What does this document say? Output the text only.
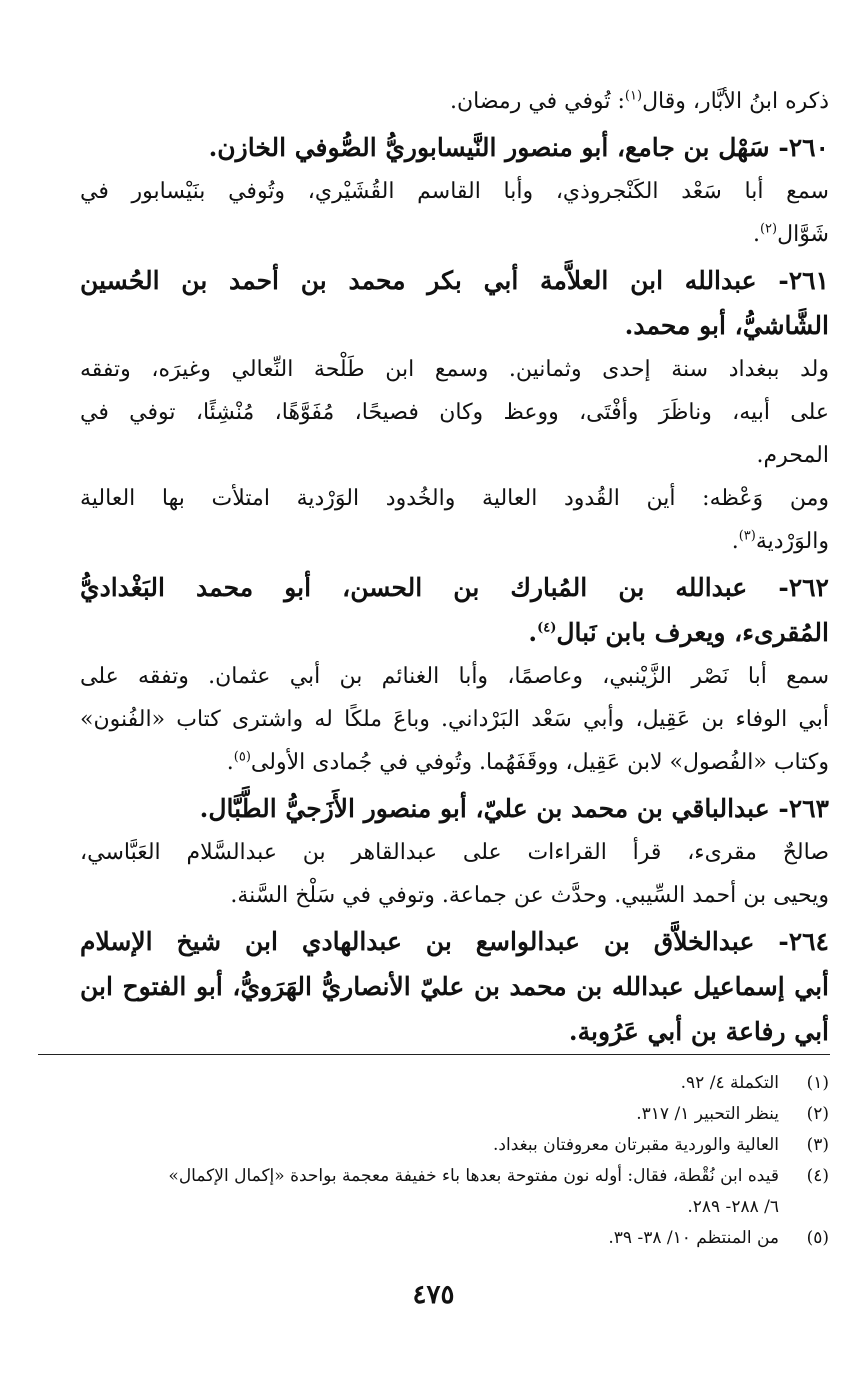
ذكره ابنُ الأبَّار، وقال$^{(١)}$: تُوفي في رمضان.
٢٦٠- سَهْل بن جامع، أبو منصور النَّيسابوريُّ الصُّوفي الخازن.
سمع أبا سَعْد الكَنْجروذي، وأبا القاسم القُشَيْري، وتُوفي بنَيْسابور في
شَوَّال$^{(٢)}$.
٢٦١- عبدالله ابن العلاَّمة أبي بكر محمد بن أحمد بن الحُسين
الشَّاشيُّ، أبو محمد.
ولد ببغداد سنة إحدى وثمانين. وسمع ابن طَلْحة النِّعالي وغيرَه، وتفقه
على أبيه، وناظَرَ وأفْتَى، ووعظ وكان فصيحًا، مُفَوَّهًا، مُنْشِئًا، توفي في
المحرم.
ومن وَعْظه: أين القُدود العالية والخُدود الوَرْدية امتلأت بها العالية
والوَرْدية$^{(٣)}$.
٢٦٢- عبدالله بن المُبارك بن الحسن، أبو محمد البَغْداديُّ
المُقرىء، ويعرف بابن نَبال$^{(٤)}$.
سمع أبا نَصْر الزَّيْنبي، وعاصمًا، وأبا الغنائم بن أبي عثمان. وتفقه على
أبي الوفاء بن عَقِيل، وأبي سَعْد البَرْداني. وباعَ ملكًا له واشترى كتاب «الفُنون»
وكتاب «الفُصول» لابن عَقِيل، ووقَفَهُما. وتُوفي في جُمادى الأولى$^{(٥)}$.
٢٦٣- عبدالباقي بن محمد بن عليّ، أبو منصور الأَزَجيُّ الطَّبَّال.
صالحٌ مقرىء، قرأ القراءات على عبدالقاهر بن عبدالسَّلام العَبَّاسي،
ويحيى بن أحمد السِّيبي. وحدَّث عن جماعة. وتوفي في سَلْخ السَّنة.
٢٦٤- عبدالخلاَّق بن عبدالواسع بن عبدالهادي ابن شيخ الإسلام
أبي إسماعيل عبدالله بن محمد بن عليّ الأنصاريُّ الهَرَويُّ، أبو الفتوح ابن
أبي رفاعة بن أبي عَرُوبة.
(١)
التكملة ٤/ ٩٢.
(٢)
ينظر التحبير ١/ ٣١٧.
(٣)
العالية والوردية مقبرتان معروفتان ببغداد.
(٤)
قيده ابن نُقْطة، فقال: أوله نون مفتوحة بعدها باء خفيفة معجمة بواحدة «إكمال الإكمال»
٦/ ٢٨٨- ٢٨٩.
(٥)
من المنتظم ١٠/ ٣٨- ٣٩.
٤٧٥
